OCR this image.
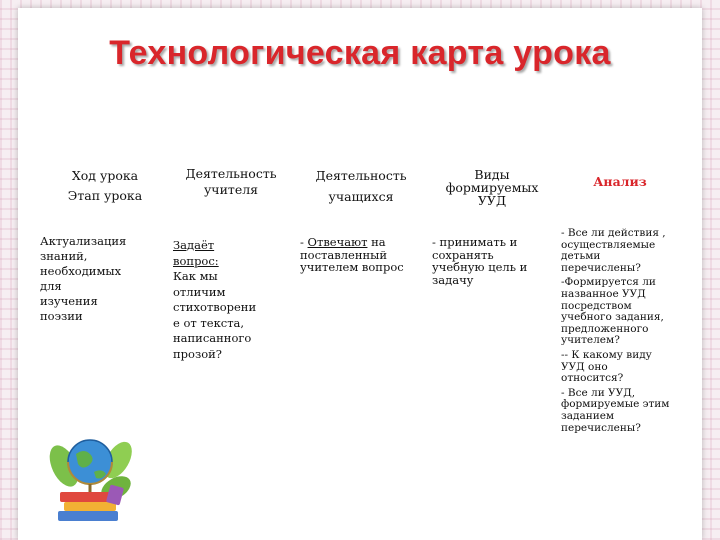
Технологическая карта урока
Ход урока
Этап урока
Деятельность
учителя
Деятельность
учащихся
Виды
формируемых
УУД
Анализ
Актуализация
знаний,
необходимых
для
изучения
поэзии
Задаёт
вопрос:
Как мы
отличим
стихотворени
е от текста,
написанного
прозой?
- Отвечают на
поставленный
учителем вопрос
- принимать и
сохранять
учебную цель и
задачу
- Все ли действия ,
осуществляемые
детьми
перечислены?
-Формируется ли
названное УУД
посредством
учебного задания,
предложенного
учителем?
-- К какому виду
УУД оно
относится?
- Все ли УУД,
формируемые этим
заданием
перечислены?
